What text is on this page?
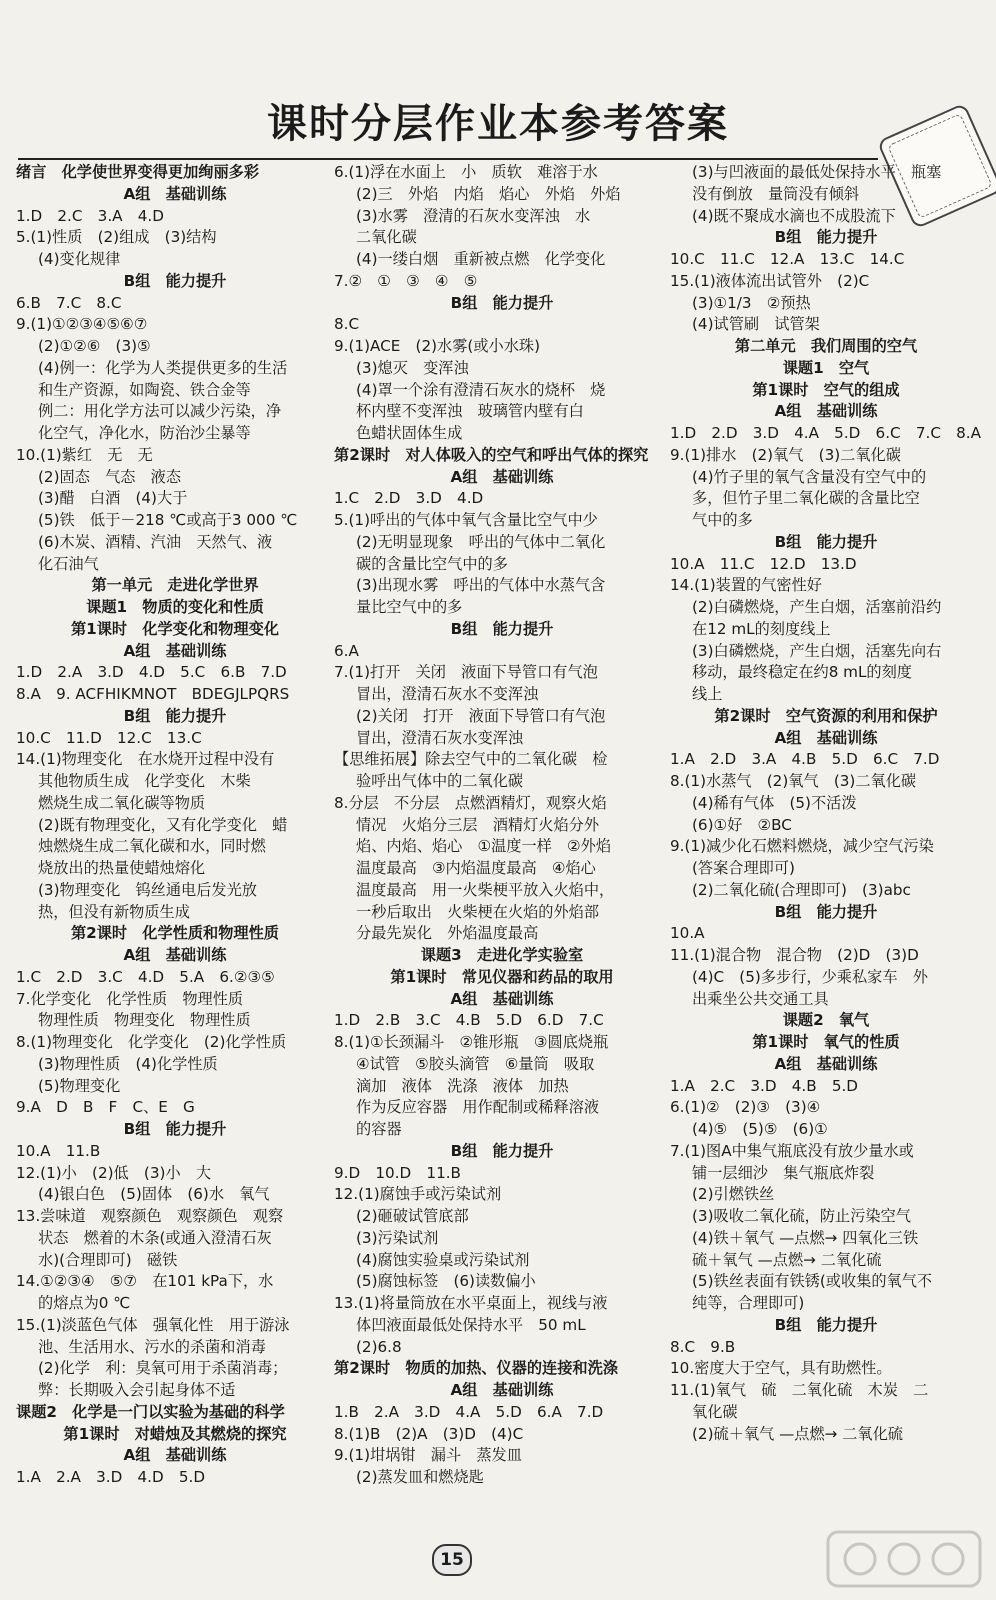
课时分层作业本参考答案
绪言　化学使世界变得更加绚丽多彩
A组　基础训练
1.D　2.C　3.A　4.D
5.(1)性质　(2)组成　(3)结构
(4)变化规律
B组　能力提升
6.B　7.C　8.C
9.(1)①②③④⑤⑥⑦
(2)①②⑥　(3)⑤
(4)例一：化学为人类提供更多的生活
和生产资源，如陶瓷、铁合金等
例二：用化学方法可以减少污染，净
化空气，净化水，防治沙尘暴等
10.(1)紫红　无　无
(2)固态　气态　液态
(3)醋　白酒　(4)大于
(5)铁　低于－218 ℃或高于3 000 ℃
(6)木炭、酒精、汽油　天然气、液
化石油气
第一单元　走进化学世界
课题1　物质的变化和性质
第1课时　化学变化和物理变化
A组　基础训练
1.D　2.A　3.D　4.D　5.C　6.B　7.D
8.A　9. ACFHIKMNOT　BDEGJLPQRS
B组　能力提升
10.C　11.D　12.C　13.C
14.(1)物理变化　在水烧开过程中没有
其他物质生成　化学变化　木柴
燃烧生成二氧化碳等物质
(2)既有物理变化，又有化学变化　蜡
烛燃烧生成二氧化碳和水，同时燃
烧放出的热量使蜡烛熔化
(3)物理变化　钨丝通电后发光放
热，但没有新物质生成
第2课时　化学性质和物理性质
A组　基础训练
1.C　2.D　3.C　4.D　5.A　6.②③⑤
7.化学变化　化学性质　物理性质
物理性质　物理变化　物理性质
8.(1)物理变化　化学变化　(2)化学性质
(3)物理性质　(4)化学性质
(5)物理变化
9.A　D　B　F　C、E　G
B组　能力提升
10.A　11.B
12.(1)小　(2)低　(3)小　大
(4)银白色　(5)固体　(6)水　氧气
13.尝味道　观察颜色　观察颜色　观察
状态　燃着的木条(或通入澄清石灰
水)(合理即可)　磁铁
14.①②③④　⑤⑦　在101 kPa下，水
的熔点为0 ℃
15.(1)淡蓝色气体　强氧化性　用于游泳
池、生活用水、污水的杀菌和消毒
(2)化学　利：臭氧可用于杀菌消毒；
弊：长期吸入会引起身体不适
课题2　化学是一门以实验为基础的科学
第1课时　对蜡烛及其燃烧的探究
A组　基础训练
1.A　2.A　3.D　4.D　5.D
6.(1)浮在水面上　小　质软　难溶于水
(2)三　外焰　内焰　焰心　外焰　外焰
(3)水雾　澄清的石灰水变浑浊　水
二氧化碳
(4)一缕白烟　重新被点燃　化学变化
7.②　①　③　④　⑤
B组　能力提升
8.C
9.(1)ACE　(2)水雾(或小水珠)
(3)熄灭　变浑浊
(4)罩一个涂有澄清石灰水的烧杯　烧
杯内壁不变浑浊　玻璃管内壁有白
色蜡状固体生成
第2课时　对人体吸入的空气和呼出气体的探究
A组　基础训练
1.C　2.D　3.D　4.D
5.(1)呼出的气体中氧气含量比空气中少
(2)无明显现象　呼出的气体中二氧化
碳的含量比空气中的多
(3)出现水雾　呼出的气体中水蒸气含
量比空气中的多
B组　能力提升
6.A
7.(1)打开　关闭　液面下导管口有气泡
冒出，澄清石灰水不变浑浊
(2)关闭　打开　液面下导管口有气泡
冒出，澄清石灰水变浑浊
【思维拓展】除去空气中的二氧化碳　检
验呼出气体中的二氧化碳
8.分层　不分层　点燃酒精灯，观察火焰
情况　火焰分三层　酒精灯火焰分外
焰、内焰、焰心　①温度一样　②外焰
温度最高　③内焰温度最高　④焰心
温度最高　用一火柴梗平放入火焰中，
一秒后取出　火柴梗在火焰的外焰部
分最先炭化　外焰温度最高
课题3　走进化学实验室
第1课时　常见仪器和药品的取用
A组　基础训练
1.D　2.B　3.C　4.B　5.D　6.D　7.C
8.(1)①长颈漏斗　②锥形瓶　③圆底烧瓶
④试管　⑤胶头滴管　⑥量筒　吸取
滴加　液体　洗涤　液体　加热
作为反应容器　用作配制或稀释溶液
的容器
B组　能力提升
9.D　10.D　11.B
12.(1)腐蚀手或污染试剂
(2)砸破试管底部
(3)污染试剂
(4)腐蚀实验桌或污染试剂
(5)腐蚀标签　(6)读数偏小
13.(1)将量筒放在水平桌面上，视线与液
体凹液面最低处保持水平　50 mL
(2)6.8
第2课时　物质的加热、仪器的连接和洗涤
A组　基础训练
1.B　2.A　3.D　4.A　5.D　6.A　7.D
8.(1)B　(2)A　(3)D　(4)C
9.(1)坩埚钳　漏斗　蒸发皿
(2)蒸发皿和燃烧匙
(3)与凹液面的最低处保持水平　瓶塞
没有倒放　量筒没有倾斜
(4)既不聚成水滴也不成股流下
B组　能力提升
10.C　11.C　12.A　13.C　14.C
15.(1)液体流出试管外　(2)C
(3)①1/3　②预热
(4)试管刷　试管架
第二单元　我们周围的空气
课题1　空气
第1课时　空气的组成
A组　基础训练
1.D　2.D　3.D　4.A　5.D　6.C　7.C　8.A
9.(1)排水　(2)氧气　(3)二氧化碳
(4)竹子里的氧气含量没有空气中的
多，但竹子里二氧化碳的含量比空
气中的多
B组　能力提升
10.A　11.C　12.D　13.D
14.(1)装置的气密性好
(2)白磷燃烧，产生白烟，活塞前沿约
在12 mL的刻度线上
(3)白磷燃烧，产生白烟，活塞先向右
移动，最终稳定在约8 mL的刻度
线上
第2课时　空气资源的利用和保护
A组　基础训练
1.A　2.D　3.A　4.B　5.D　6.C　7.D
8.(1)水蒸气　(2)氧气　(3)二氧化碳
(4)稀有气体　(5)不活泼
(6)①好　②BC
9.(1)减少化石燃料燃烧，减少空气污染
(答案合理即可)
(2)二氧化硫(合理即可)　(3)abc
B组　能力提升
10.A
11.(1)混合物　混合物　(2)D　(3)D
(4)C　(5)多步行，少乘私家车　外
出乘坐公共交通工具
课题2　氧气
第1课时　氧气的性质
A组　基础训练
1.A　2.C　3.D　4.B　5.D
6.(1)②　(2)③　(3)④
(4)⑤　(5)⑤　(6)①
7.(1)图A中集气瓶底没有放少量水或
铺一层细沙　集气瓶底炸裂
(2)引燃铁丝
(3)吸收二氧化硫，防止污染空气
(4)铁＋氧气 —点燃→ 四氧化三铁
硫＋氧气 —点燃→ 二氧化硫
(5)铁丝表面有铁锈(或收集的氧气不
纯等，合理即可)
B组　能力提升
8.C　9.B
10.密度大于空气，具有助燃性。
11.(1)氧气　硫　二氧化硫　木炭　二
氧化碳
(2)硫＋氧气 —点燃→ 二氧化硫
15
